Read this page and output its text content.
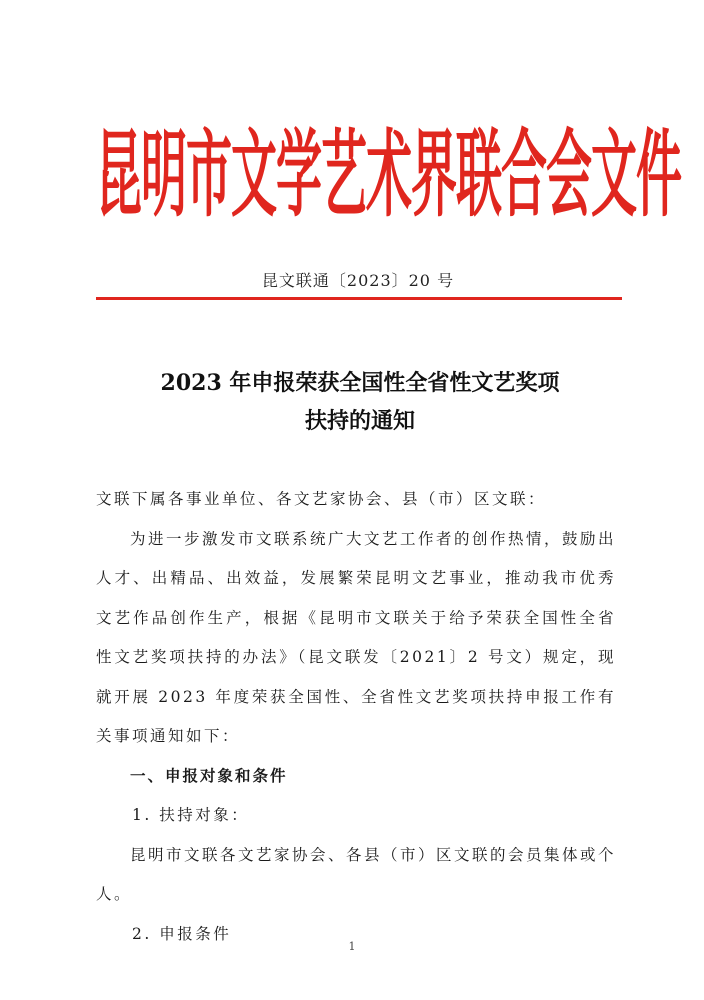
昆明市文学艺术界联合会文件
昆文联通〔2023〕20 号
2023 年申报荣获全国性全省性文艺奖项
扶持的通知

文联下属各事业单位、各文艺家协会、县（市）区文联：

为进一步激发市文联系统广大文艺工作者的创作热情，鼓励出人才、出精品、出效益，发展繁荣昆明文艺事业，推动我市优秀文艺作品创作生产，根据《昆明市文联关于给予荣获全国性全省性文艺奖项扶持的办法》（昆文联发〔2021〕2 号文）规定，现就开展 2023 年度荣获全国性、全省性文艺奖项扶持申报工作有关事项通知如下：

一、申报对象和条件

1. 扶持对象：

昆明市文联各文艺家协会、各县（市）区文联的会员集体或个人。

2. 申报条件

1
